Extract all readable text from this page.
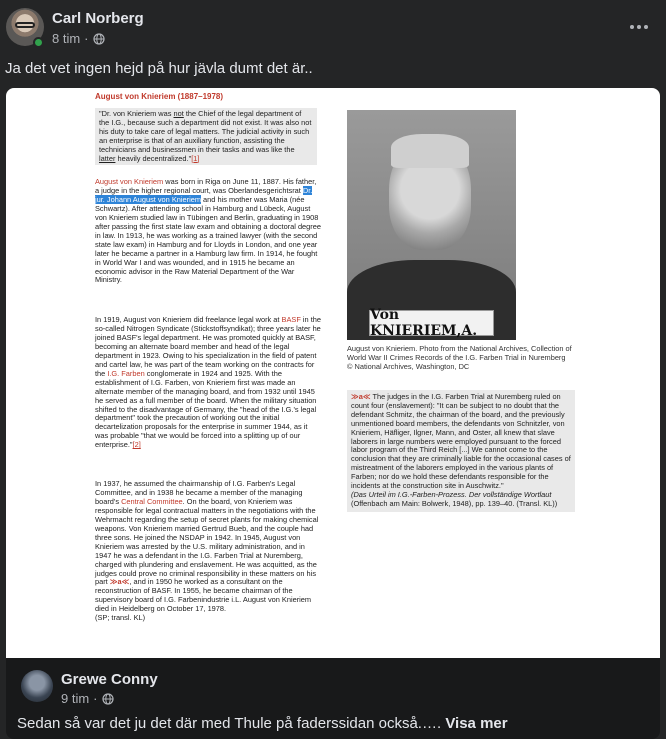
Carl Norberg
8 tim ·
Ja det vet ingen hejd på hur jävla dumt det är..
August von Knieriem (1887–1978)
"Dr. von Knieriem was not the Chief of the legal department of the I.G., because such a department did not exist. It was also not his duty to take care of legal matters. The judicial activity in such an enterprise is that of an auxiliary function, assisting the technicians and businessmen in their tasks and was like the latter heavily decentralized."[1]
August von Knieriem was born in Riga on June 11, 1887. His father, a judge in the higher regional court, was Oberlandesgerichtsrat Dr. jur. Johann August von Knieriem and his mother was Maria (née Schwartz). After attending school in Hamburg and Lübeck, August von Knieriem studied law in Tübingen and Berlin, graduating in 1908 after passing the first state law exam and obtaining a doctoral degree in law. In 1913, he was working as a trained lawyer (with the second state law exam) in Hamburg and for Lloyds in London, and one year later he became a partner in a Hamburg law firm. In 1914, he fought in World War I and was wounded, and in 1915 he became an economic advisor in the Raw Material Department of the War Ministry.
In 1919, August von Knieriem did freelance legal work at BASF in the so-called Nitrogen Syndicate (Stickstoffsyndikat); three years later he joined BASF's legal department. He was promoted quickly at BASF, becoming an alternate board member and head of the legal department in 1923. Owing to his specialization in the field of patent and cartel law, he was part of the team working on the contracts for the I.G. Farben conglomerate in 1924 and 1925. With the establishment of I.G. Farben, von Knieriem first was made an alternate member of the managing board, and from 1932 until 1945 he served as a full member of the board. When the military situation shifted to the disadvantage of Germany, the "head of the I.G.'s legal department" took the precaution of working out the initial decartelization proposals for the enterprise in summer 1944, as it was probable "that we would be forced into a splitting up of our enterprise."[2]
In 1937, he assumed the chairmanship of I.G. Farben's Legal Committee, and in 1938 he became a member of the managing board's Central Committee. On the board, von Knieriem was responsible for legal contractual matters in the negotiations with the Wehrmacht regarding the setup of secret plants for making chemical weapons. Von Knieriem married Gertrud Bueb, and the couple had three sons. He joined the NSDAP in 1942. In 1945, August von Knieriem was arrested by the U.S. military administration, and in 1947 he was a defendant in the I.G. Farben Trial at Nuremberg, charged with plundering and enslavement. He was acquitted, as the judges could prove no criminal responsibility in these matters on his part ≫a≪, and in 1950 he worked as a consultant on the reconstruction of BASF. In 1955, he became chairman of the supervisory board of I.G. Farbenindustrie i.L. August von Knieriem died in Heidelberg on October 17, 1978.
(SP; transl. KL)
Von KNIERIEM,A.
August von Knieriem. Photo from the National Archives, Collection of World War II Crimes Records of the I.G. Farben Trial in Nuremberg
© National Archives, Washington, DC
≫a≪ The judges in the I.G. Farben Trial at Nuremberg ruled on count four (enslavement): "It can be subject to no doubt that the defendant Schmitz, the chairman of the board, and the previously unmentioned board members, the defendants von Schnitzler, von Knieriem, Häfliger, Ilgner, Mann, and Oster, all knew that slave laborers in large numbers were employed pursuant to the forced labor program of the Third Reich [...] We cannot come to the conclusion that they are criminally liable for the occasional cases of mistreatment of the laborers employed in the various plants of Farben; nor do we hold these defendants responsible for the incidents at the construction site in Auschwitz."
(Das Urteil im I.G.-Farben-Prozess. Der vollständige Wortlaut (Offenbach am Main: Bolwerk, 1948), pp. 139–40. (Transl. KL))
Grewe Conny
9 tim ·
Sedan så var det ju det där med Thule på faderssidan också.…. Visa mer
